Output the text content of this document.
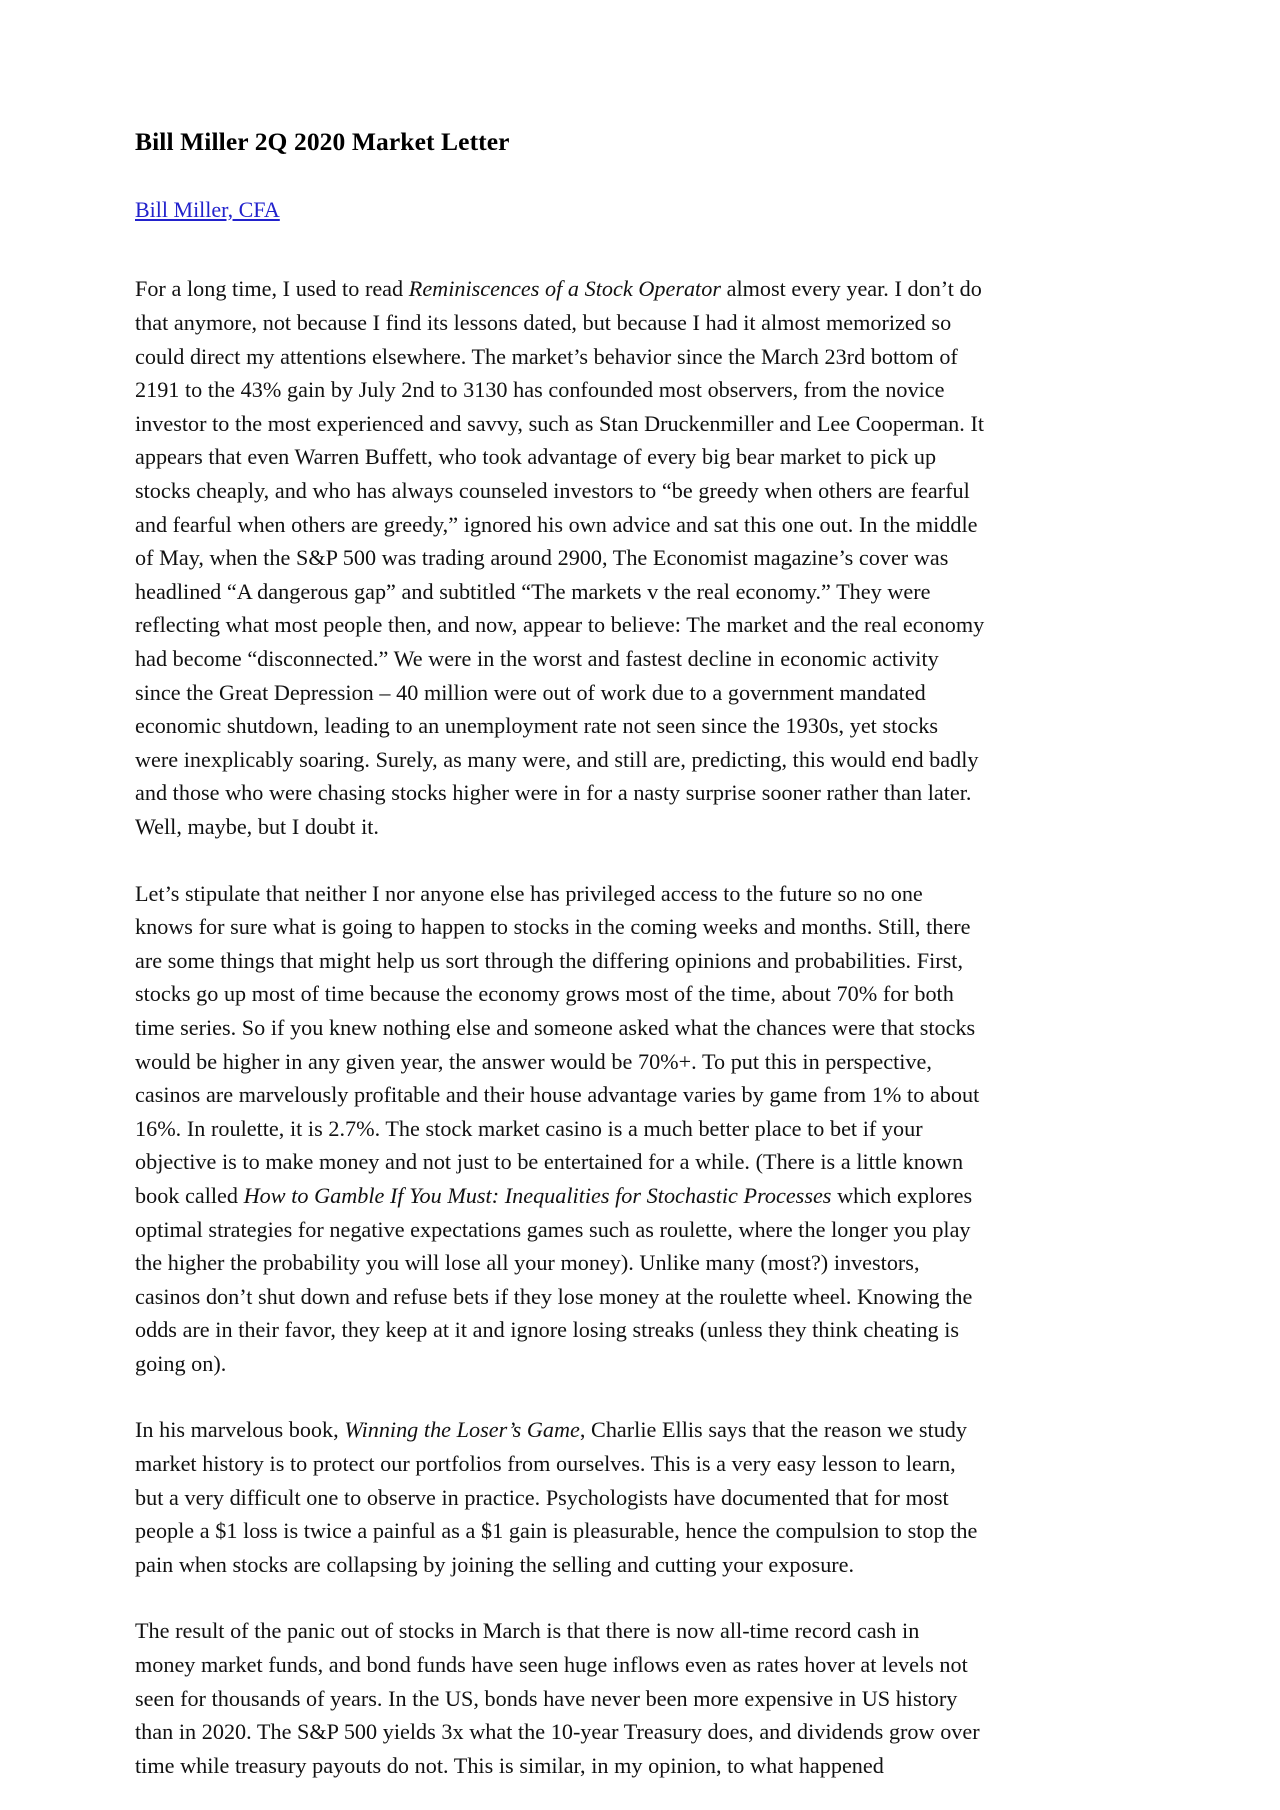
Bill Miller 2Q 2020 Market Letter
Bill Miller, CFA

For a long time, I used to read Reminiscences of a Stock Operator almost every year. I don’t do that anymore, not because I find its lessons dated, but because I had it almost memorized so could direct my attentions elsewhere. The market’s behavior since the March 23rd bottom of 2191 to the 43% gain by July 2nd to 3130 has confounded most observers, from the novice investor to the most experienced and savvy, such as Stan Druckenmiller and Lee Cooperman. It appears that even Warren Buffett, who took advantage of every big bear market to pick up stocks cheaply, and who has always counseled investors to “be greedy when others are fearful and fearful when others are greedy,” ignored his own advice and sat this one out. In the middle of May, when the S&P 500 was trading around 2900, The Economist magazine’s cover was headlined “A dangerous gap” and subtitled “The markets v the real economy.” They were reflecting what most people then, and now, appear to believe: The market and the real economy had become “disconnected.” We were in the worst and fastest decline in economic activity since the Great Depression – 40 million were out of work due to a government mandated economic shutdown, leading to an unemployment rate not seen since the 1930s, yet stocks were inexplicably soaring. Surely, as many were, and still are, predicting, this would end badly and those who were chasing stocks higher were in for a nasty surprise sooner rather than later. Well, maybe, but I doubt it.

Let’s stipulate that neither I nor anyone else has privileged access to the future so no one knows for sure what is going to happen to stocks in the coming weeks and months. Still, there are some things that might help us sort through the differing opinions and probabilities. First, stocks go up most of time because the economy grows most of the time, about 70% for both time series. So if you knew nothing else and someone asked what the chances were that stocks would be higher in any given year, the answer would be 70%+. To put this in perspective, casinos are marvelously profitable and their house advantage varies by game from 1% to about 16%. In roulette, it is 2.7%. The stock market casino is a much better place to bet if your objective is to make money and not just to be entertained for a while. (There is a little known book called How to Gamble If You Must: Inequalities for Stochastic Processes which explores optimal strategies for negative expectations games such as roulette, where the longer you play the higher the probability you will lose all your money). Unlike many (most?) investors, casinos don’t shut down and refuse bets if they lose money at the roulette wheel. Knowing the odds are in their favor, they keep at it and ignore losing streaks (unless they think cheating is going on).

In his marvelous book, Winning the Loser’s Game, Charlie Ellis says that the reason we study market history is to protect our portfolios from ourselves. This is a very easy lesson to learn, but a very difficult one to observe in practice. Psychologists have documented that for most people a $1 loss is twice a painful as a $1 gain is pleasurable, hence the compulsion to stop the pain when stocks are collapsing by joining the selling and cutting your exposure.

The result of the panic out of stocks in March is that there is now all-time record cash in money market funds, and bond funds have seen huge inflows even as rates hover at levels not seen for thousands of years. In the US, bonds have never been more expensive in US history than in 2020. The S&P 500 yields 3x what the 10-year Treasury does, and dividends grow over time while treasury payouts do not. This is similar, in my opinion, to what happened
